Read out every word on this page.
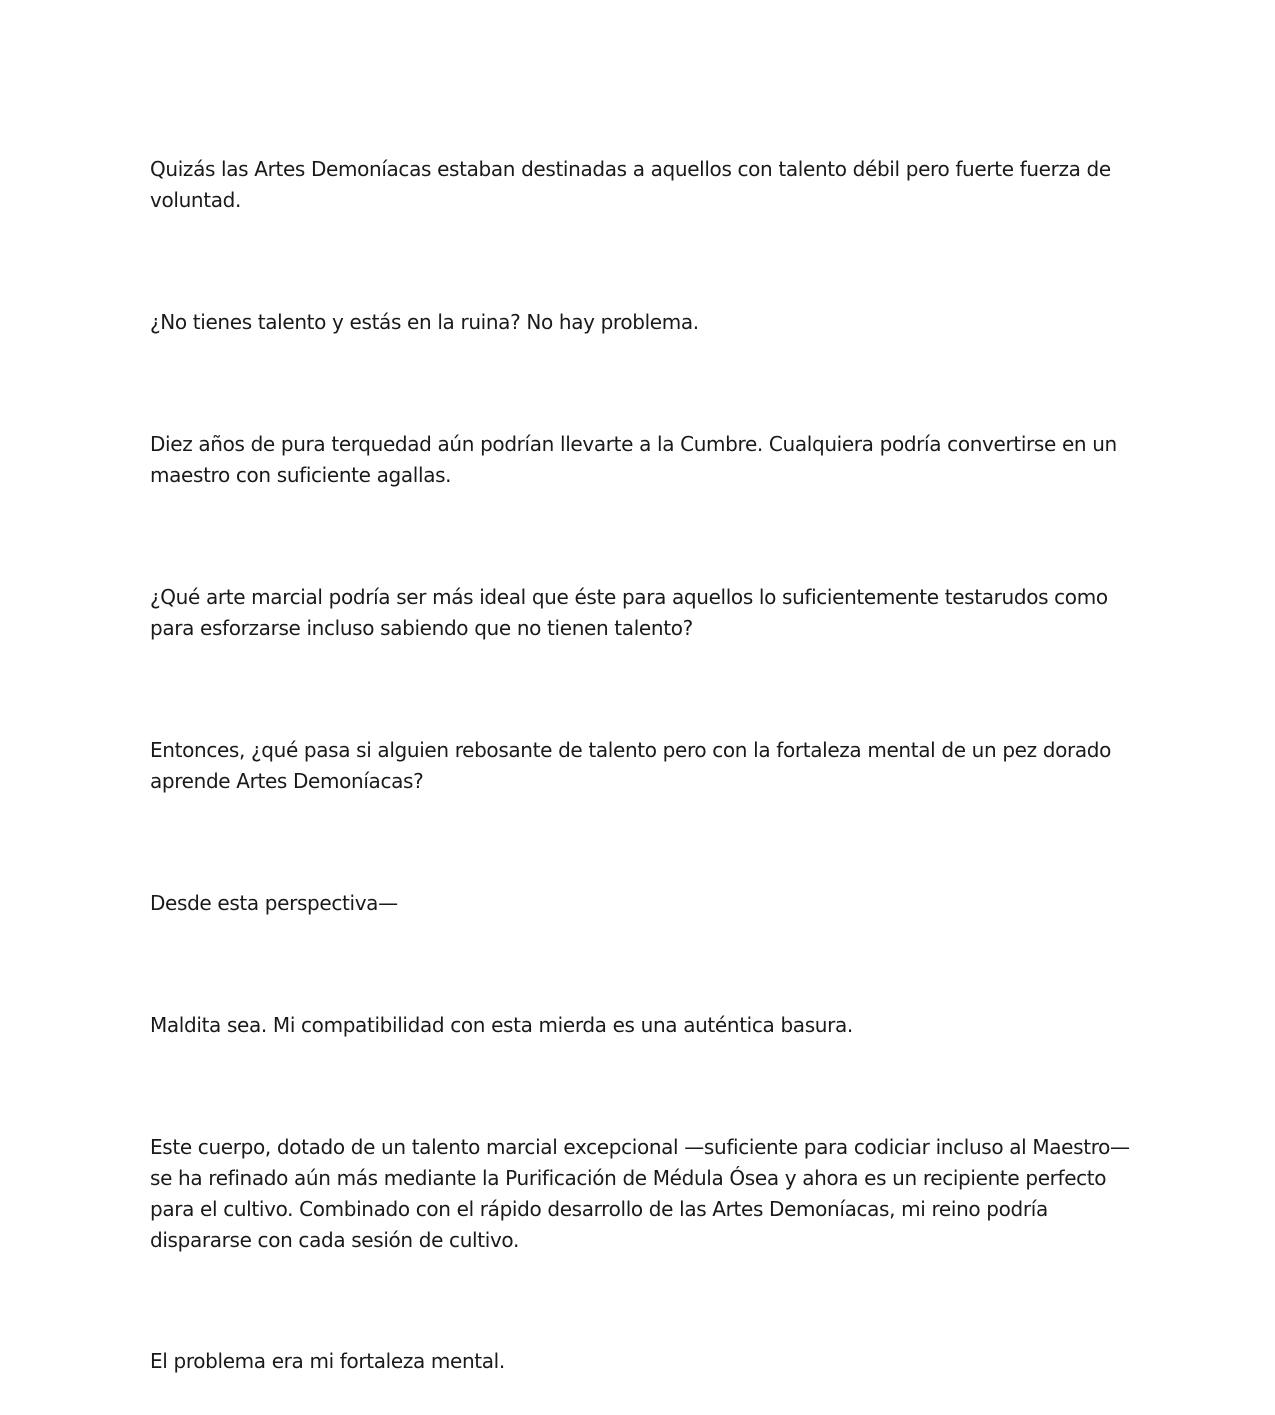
Quizás las Artes Demoníacas estaban destinadas a aquellos con talento débil pero fuerte fuerza de voluntad.

¿No tienes talento y estás en la ruina? No hay problema.

Diez años de pura terquedad aún podrían llevarte a la Cumbre. Cualquiera podría convertirse en un maestro con suficiente agallas.

¿Qué arte marcial podría ser más ideal que éste para aquellos lo suficientemente testarudos como para esforzarse incluso sabiendo que no tienen talento?

Entonces, ¿qué pasa si alguien rebosante de talento pero con la fortaleza mental de un pez dorado aprende Artes Demoníacas?

Desde esta perspectiva—

Maldita sea. Mi compatibilidad con esta mierda es una auténtica basura.

Este cuerpo, dotado de un talento marcial excepcional —suficiente para codiciar incluso al Maestro— se ha refinado aún más mediante la Purificación de Médula Ósea y ahora es un recipiente perfecto para el cultivo. Combinado con el rápido desarrollo de las Artes Demoníacas, mi reino podría dispararse con cada sesión de cultivo.

El problema era mi fortaleza mental.
